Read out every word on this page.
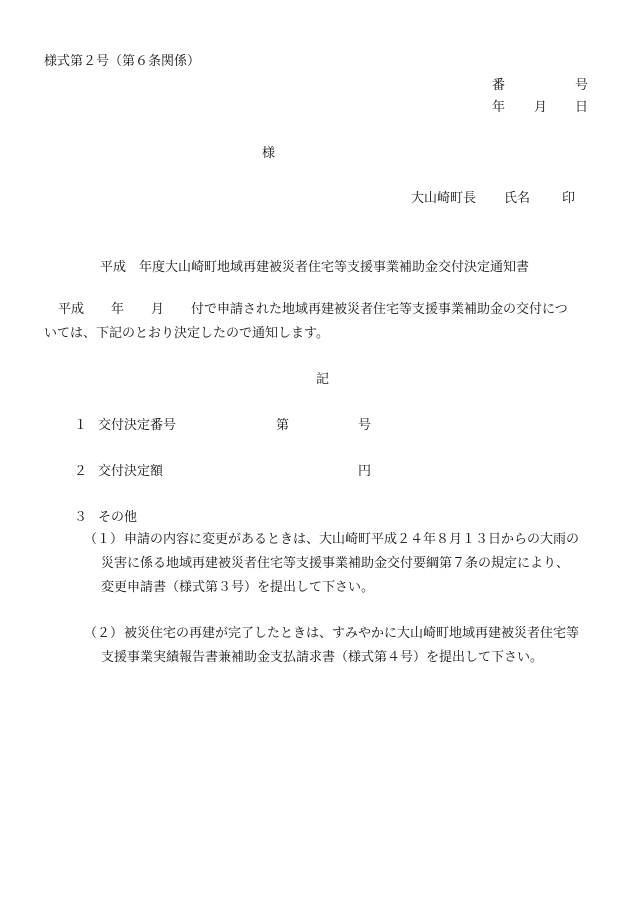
様式第２号（第６条関係）
番	号
年 月 日
様
大山崎町長 氏名 印
平成 年度大山崎町地域再建被災者住宅等支援事業補助金交付決定通知書
平成 年 月 付で申請された地域再建被災者住宅等支援事業補助金の交付につ
いては、下記のとおり決定したので通知します。
記
１ 交付決定番号	第	号
２ 交付決定額	円
３ その他
（１） 申請の内容に変更があるときは、大山崎町平成２４年８月１３日からの大雨の
災害に係る地域再建被災者住宅等支援事業補助金交付要綱第７条の規定により、
変更申請書（様式第３号）を提出して下さい。
（２） 被災住宅の再建が完了したときは、すみやかに大山崎町地域再建被災者住宅等
支援事業実績報告書兼補助金支払請求書（様式第４号）を提出して下さい。
